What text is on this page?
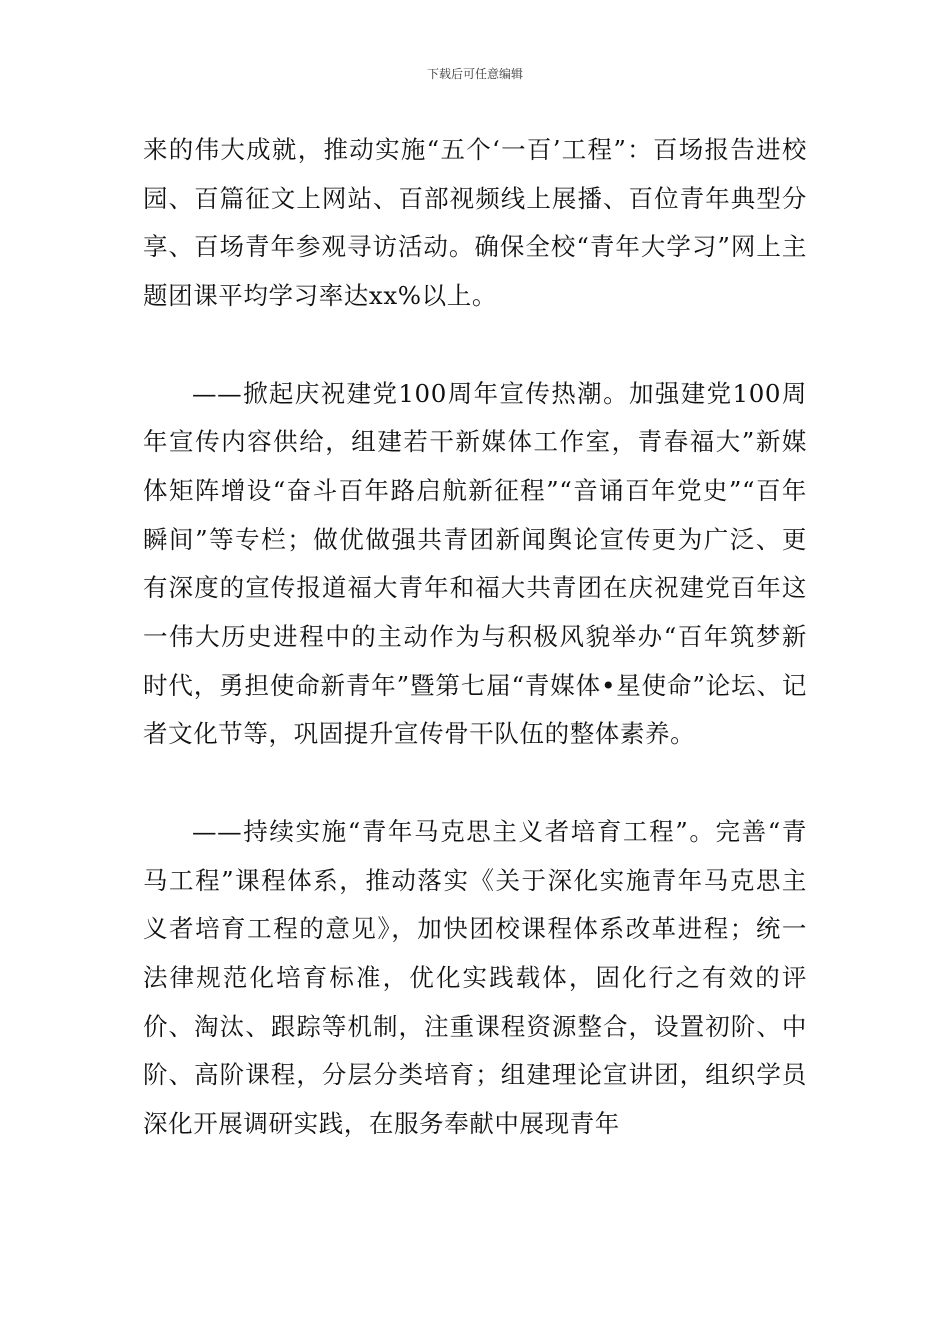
下载后可任意编辑

来的伟大成就，推动实施“五个‘一百’工程”：百场报告进校园、百篇征文上网站、百部视频线上展播、百位青年典型分享、百场青年参观寻访活动。确保全校“青年大学习”网上主题团课平均学习率达xx%以上。

——掀起庆祝建党100周年宣传热潮。加强建党100周年宣传内容供给，组建若干新媒体工作室，青春福大”新媒体矩阵增设“奋斗百年路启航新征程”“音诵百年党史”“百年瞬间”等专栏；做优做强共青团新闻舆论宣传更为广泛、更有深度的宣传报道福大青年和福大共青团在庆祝建党百年这一伟大历史进程中的主动作为与积极风貌举办“百年筑梦新时代，勇担使命新青年”暨第七届“青媒体•星使命”论坛、记者文化节等，巩固提升宣传骨干队伍的整体素养。

——持续实施“青年马克思主义者培育工程”。完善“青马工程”课程体系，推动落实《关于深化实施青年马克思主义者培育工程的意见》，加快团校课程体系改革进程；统一法律规范化培育标准，优化实践载体，固化行之有效的评价、淘汰、跟踪等机制，注重课程资源整合，设置初阶、中阶、高阶课程，分层分类培育；组建理论宣讲团，组织学员深化开展调研实践，在服务奉献中展现青年
